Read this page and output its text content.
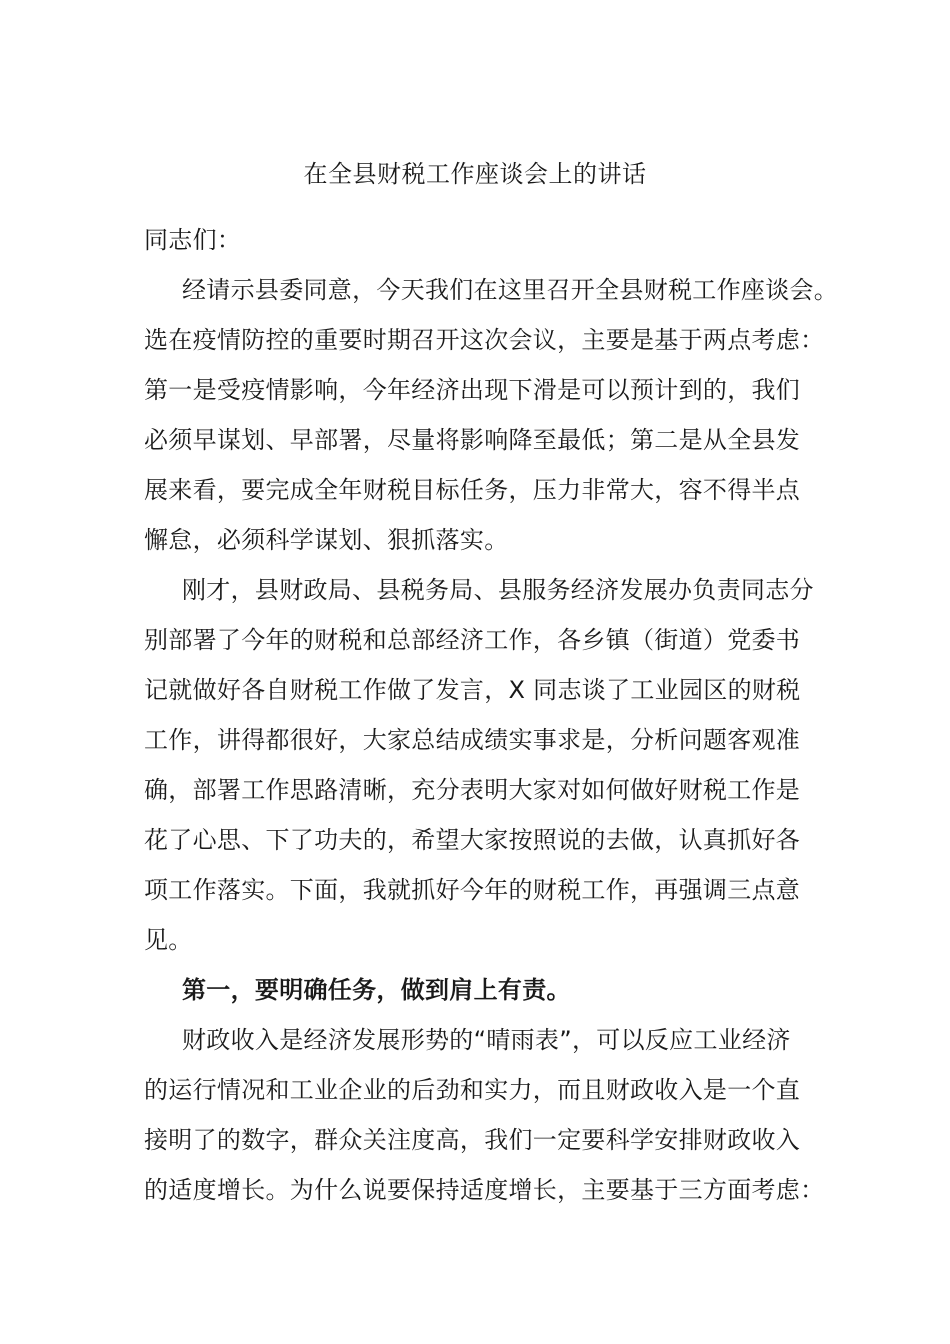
在全县财税工作座谈会上的讲话
同志们：
经请示县委同意，今天我们在这里召开全县财税工作座谈会。
选在疫情防控的重要时期召开这次会议，主要是基于两点考虑：
第一是受疫情影响，今年经济出现下滑是可以预计到的，我们
必须早谋划、早部署，尽量将影响降至最低；第二是从全县发
展来看，要完成全年财税目标任务，压力非常大，容不得半点
懈怠，必须科学谋划、狠抓落实。
刚才，县财政局、县税务局、县服务经济发展办负责同志分
别部署了今年的财税和总部经济工作，各乡镇（街道）党委书
记就做好各自财税工作做了发言，X 同志谈了工业园区的财税
工作，讲得都很好，大家总结成绩实事求是，分析问题客观准
确，部署工作思路清晰，充分表明大家对如何做好财税工作是
花了心思、下了功夫的，希望大家按照说的去做，认真抓好各
项工作落实。下面，我就抓好今年的财税工作，再强调三点意
见。
第一，要明确任务，做到肩上有责。
财政收入是经济发展形势的“晴雨表”，可以反应工业经济
的运行情况和工业企业的后劲和实力，而且财政收入是一个直
接明了的数字，群众关注度高，我们一定要科学安排财政收入
的适度增长。为什么说要保持适度增长，主要基于三方面考虑：
